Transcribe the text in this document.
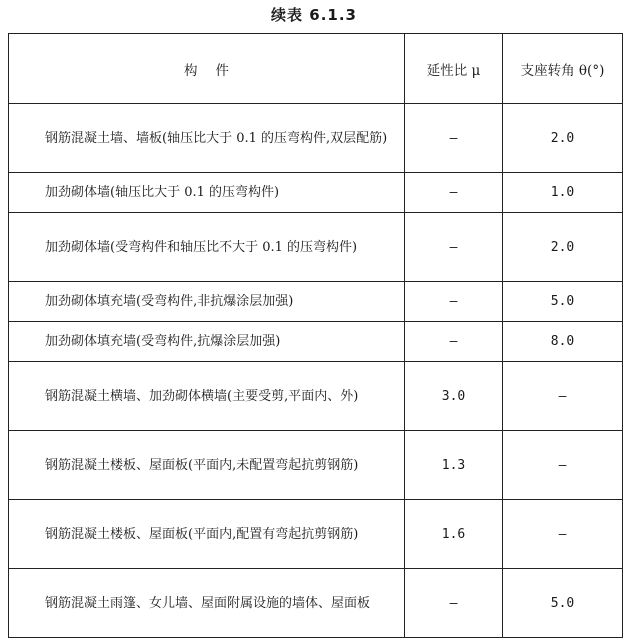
续表 6.1.3
构件	延性比 μ	支座转角 θ(°)
钢筋混凝土墙、墙板(轴压比大于 0.1 的压弯构件,双层配筋)	—	2.0
加劲砌体墙(轴压比大于 0.1 的压弯构件)	—	1.0
加劲砌体墙(受弯构件和轴压比不大于 0.1 的压弯构件)	—	2.0
加劲砌体填充墙(受弯构件,非抗爆涂层加强)	—	5.0
加劲砌体填充墙(受弯构件,抗爆涂层加强)	—	8.0
钢筋混凝土横墙、加劲砌体横墙(主要受剪,平面内、外)	3.0	—
钢筋混凝土楼板、屋面板(平面内,未配置弯起抗剪钢筋)	1.3	—
钢筋混凝土楼板、屋面板(平面内,配置有弯起抗剪钢筋)	1.6	—
钢筋混凝土雨篷、女儿墙、屋面附属设施的墙体、屋面板	—	5.0
